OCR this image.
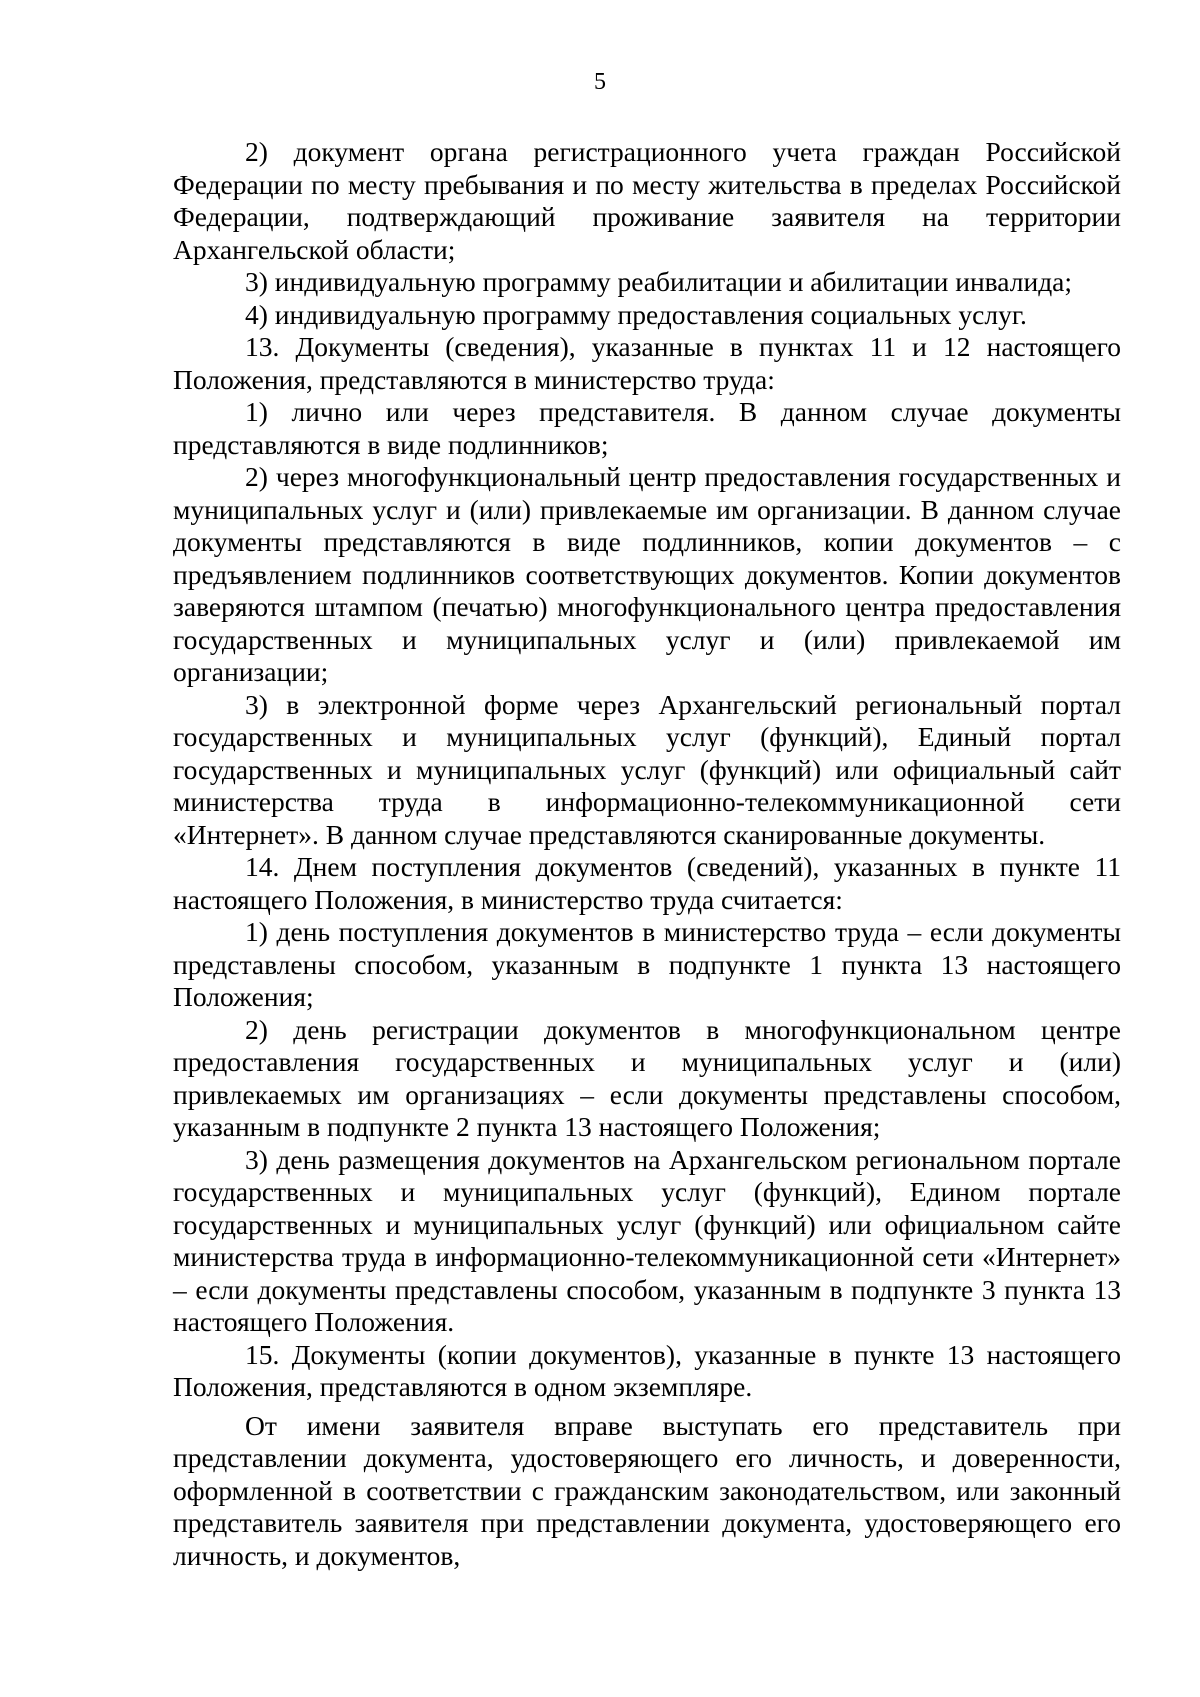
5

2) документ органа регистрационного учета граждан Российской Федерации по месту пребывания и по месту жительства в пределах Российской Федерации, подтверждающий проживание заявителя на территории Архангельской области;

3) индивидуальную программу реабилитации и абилитации инвалида;

4) индивидуальную программу предоставления социальных услуг.

13. Документы (сведения), указанные в пунктах 11 и 12 настоящего Положения, представляются в министерство труда:

1) лично или через представителя. В данном случае документы представляются в виде подлинников;

2) через многофункциональный центр предоставления государственных и муниципальных услуг и (или) привлекаемые им организации. В данном случае документы представляются в виде подлинников, копии документов – с предъявлением подлинников соответствующих документов. Копии документов заверяются штампом (печатью) многофункционального центра предоставления государственных и муниципальных услуг и (или) привлекаемой им организации;

3) в электронной форме через Архангельский региональный портал государственных и муниципальных услуг (функций), Единый портал государственных и муниципальных услуг (функций) или официальный сайт министерства труда в информационно-телекоммуникационной сети «Интернет». В данном случае представляются сканированные документы.

14. Днем поступления документов (сведений), указанных в пункте 11 настоящего Положения, в министерство труда считается:

1) день поступления документов в министерство труда – если документы представлены способом, указанным в подпункте 1 пункта 13 настоящего Положения;

2) день регистрации документов в многофункциональном центре предоставления государственных и муниципальных услуг и (или) привлекаемых им организациях – если документы представлены способом, указанным в подпункте 2 пункта 13 настоящего Положения;

3) день размещения документов на Архангельском региональном портале государственных и муниципальных услуг (функций), Едином портале государственных и муниципальных услуг (функций) или официальном сайте министерства труда в информационно-телекоммуникационной сети «Интернет» – если документы представлены способом, указанным в подпункте 3 пункта 13 настоящего Положения.

15. Документы (копии документов), указанные в пункте 13 настоящего Положения, представляются в одном экземпляре.

От имени заявителя вправе выступать его представитель при представлении документа, удостоверяющего его личность, и доверенности, оформленной в соответствии с гражданским законодательством, или законный представитель заявителя при представлении документа, удостоверяющего его личность, и документов,
